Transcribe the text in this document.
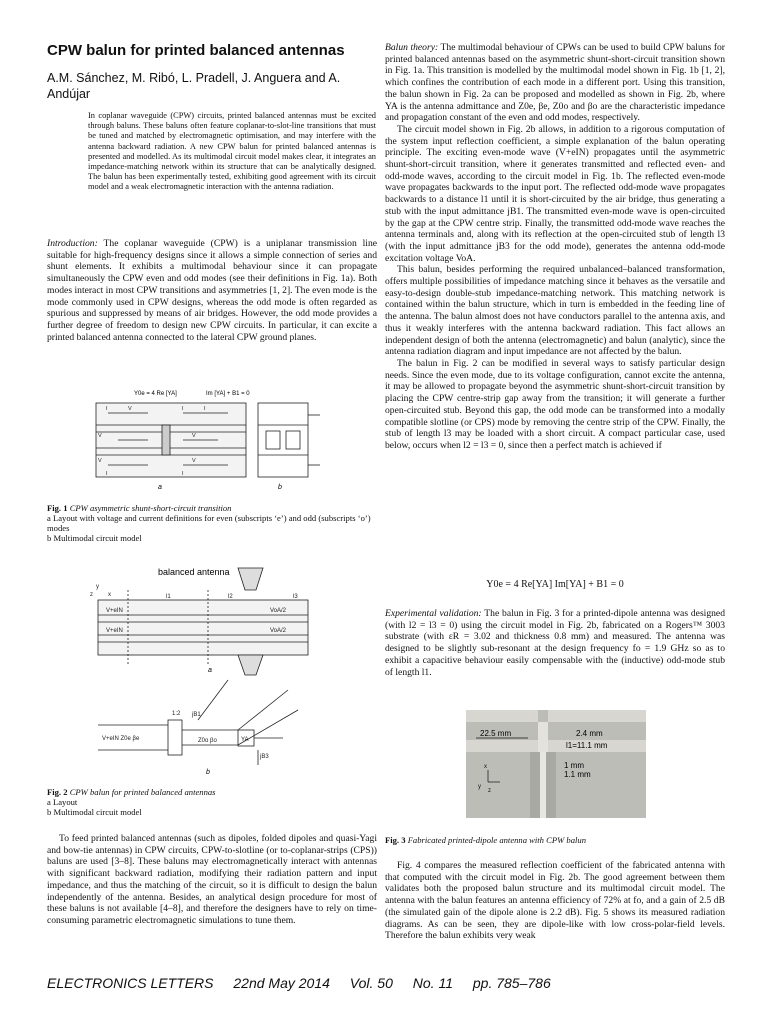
CPW balun for printed balanced antennas
A.M. Sánchez, M. Ribó, L. Pradell, J. Anguera and A. Andújar
In coplanar waveguide (CPW) circuits, printed balanced antennas must be excited through baluns. These baluns often feature coplanar-to-slot-line transitions that must be tuned and matched by electromagnetic optimisation, and may interfere with the antenna backward radiation. A new CPW balun for printed balanced antennas is presented and modelled. As its multimodal circuit model makes clear, it integrates an impedance-matching network within its structure that can be analytically designed. The balun has been experimentally tested, exhibiting good agreement with its circuit model and a weak electromagnetic interaction with the antenna radiation.

Introduction: The coplanar waveguide (CPW) is a uniplanar transmission line suitable for high-frequency designs since it allows a simple connection of series and shunt elements. It exhibits a multimodal behaviour since it can propagate simultaneously the CPW even and odd modes (see their definitions in Fig. 1a). Both modes interact in most CPW transitions and asymmetries [1, 2]. The even mode is the mode commonly used in CPW designs, whereas the odd mode is often regarded as spurious and suppressed by means of air bridges. However, the odd mode provides a further degree of freedom to design new CPW circuits. In particular, it can excite a printed balanced antenna connected to the lateral CPW ground planes.

Y0e = 4 Re [YA]	Im [YA] + B1 = 0
I	V	I	I
V	V
V	V
I	I
a	b
Fig. 1 CPW asymmetric shunt-short-circuit transition
a Layout with voltage and current definitions for even (subscripts ‘e’) and odd (subscripts ‘o’) modes
b Multimodal circuit model
balanced antenna
y
z	x
V+eIN
V+eIN
VoA/2
VoA/2
l1	l2	l3
a
V+eIN Z0e βe
jB1
1:2
Z0o βo	YA
jB3
b
Fig. 2 CPW balun for printed balanced antennas
a Layout
b Multimodal circuit model

To feed printed balanced antennas (such as dipoles, folded dipoles and quasi-Yagi and bow-tie antennas) in CPW circuits, CPW-to-slotline (or to-coplanar-strips (CPS)) baluns are used [3–8]. These baluns may electromagnetically interact with antennas with significant backward radiation, modifying their radiation pattern and input impedance, and thus the matching of the circuit, so it is difficult to design the balun independently of the antenna. Besides, an analytical design procedure for most of these baluns is not available [4–8], and therefore the designers have to rely on time-consuming parametric electromagnetic simulations to tune them.

Balun theory: The multimodal behaviour of CPWs can be used to build CPW baluns for printed balanced antennas based on the asymmetric shunt-short-circuit transition shown in Fig. 1a. This transition is modelled by the multimodal model shown in Fig. 1b [1, 2], which confines the contribution of each mode in a different port. Using this transition, the balun shown in Fig. 2a can be proposed and modelled as shown in Fig. 2b, where YA is the antenna admittance and Z0e, βe, Z0o and βo are the characteristic impedance and propagation constant of the even and odd modes, respectively.

The circuit model shown in Fig. 2b allows, in addition to a rigorous computation of the system input reflection coefficient, a simple explanation of the balun operating principle. The exciting even-mode wave (V+eIN) propagates until the asymmetric shunt-short-circuit transition, where it generates transmitted and reflected even- and odd-mode waves, according to the circuit model in Fig. 1b. The reflected even-mode wave propagates backwards to the input port. The reflected odd-mode wave propagates backwards to a distance l1 until it is short-circuited by the air bridge, thus generating a stub with the input admittance jB1. The transmitted even-mode wave is open-circuited by the gap at the CPW centre strip. Finally, the transmitted odd-mode wave reaches the antenna terminals and, along with its reflection at the open-circuited stub of length l3 (with the input admittance jB3 for the odd mode), generates the antenna odd-mode excitation voltage VoA.

This balun, besides performing the required unbalanced–balanced transformation, offers multiple possibilities of impedance matching since it behaves as the versatile and easy-to-design double-stub impedance-matching network. This matching network is contained within the balun structure, which in turn is embedded in the feeding line of the antenna. The balun almost does not have conductors parallel to the antenna axis, and thus it weakly interferes with the antenna backward radiation. This fact allows an independent design of both the antenna (electromagnetic) and balun (analytic), since the antenna radiation diagram and input impedance are not affected by the balun.

The balun in Fig. 2 can be modified in several ways to satisfy particular design needs. Since the even mode, due to its voltage configuration, cannot excite the antenna, it may be allowed to propagate beyond the asymmetric shunt-short-circuit transition by placing the CPW centre-strip gap away from the transition; it will generate a further open-circuited stub. Beyond this gap, the odd mode can be transformed into a modally compatible slotline (or CPS) mode by removing the centre strip of the CPW. Finally, the stub of length l3 may be loaded with a short circuit. A compact particular case, used below, occurs when l2 = l3 = 0, since then a perfect match is achieved if

Y0e = 4 Re[YA] Im[YA] + B1 = 0

Experimental validation: The balun in Fig. 3 for a printed-dipole antenna was designed (with l2 = l3 = 0) using the circuit model in Fig. 2b, fabricated on a Rogers™ 3003 substrate (with εR = 3.02 and thickness 0.8 mm) and measured. The antenna was designed to be slightly sub-resonant at the design frequency fo = 1.9 GHz so as to exhibit a capacitive behaviour easily compensable with the (inductive) odd-mode stub of length l1.

22.5 mm	2.4 mm
l1=11.1 mm
1 mm
1.1 mm
x
y
z
Fig. 3 Fabricated printed-dipole antenna with CPW balun

Fig. 4 compares the measured reflection coefficient of the fabricated antenna with that computed with the circuit model in Fig. 2b. The good agreement between them validates both the proposed balun structure and its multimodal circuit model. The antenna with the balun features an antenna efficiency of 72% at fo, and a gain of 2.5 dB (the simulated gain of the dipole alone is 2.2 dB). Fig. 5 shows its measured radiation diagrams. As can be seen, they are dipole-like with low cross-polar-field levels. Therefore the balun exhibits very weak

ELECTRONICS LETTERS 22nd May 2014 Vol. 50 No. 11 pp. 785–786
